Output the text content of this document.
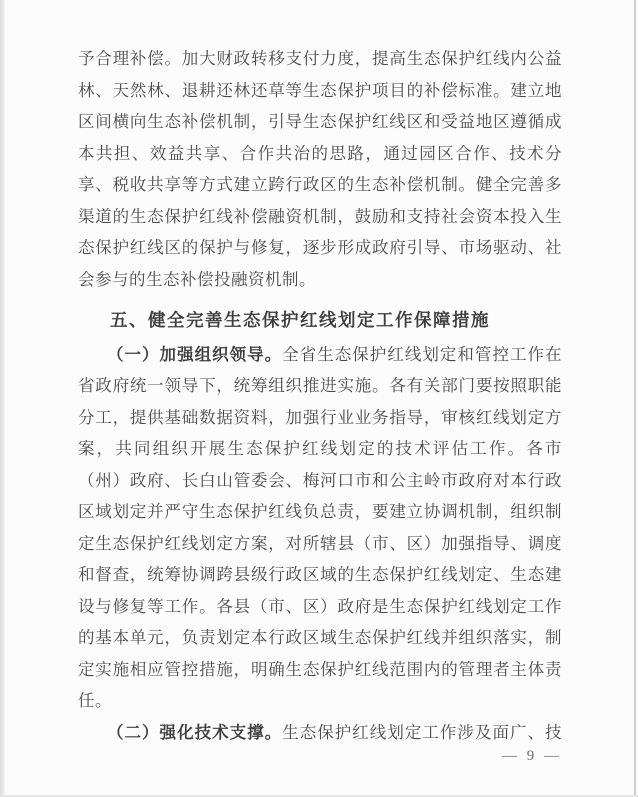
予合理补偿。加大财政转移支付力度，提高生态保护红线内公益
林、天然林、退耕还林还草等生态保护项目的补偿标准。建立地
区间横向生态补偿机制，引导生态保护红线区和受益地区遵循成
本共担、效益共享、合作共治的思路，通过园区合作、技术分
享、税收共享等方式建立跨行政区的生态补偿机制。健全完善多
渠道的生态保护红线补偿融资机制，鼓励和支持社会资本投入生
态保护红线区的保护与修复，逐步形成政府引导、市场驱动、社
会参与的生态补偿投融资机制。
五、健全完善生态保护红线划定工作保障措施
（一）加强组织领导。全省生态保护红线划定和管控工作在
省政府统一领导下，统筹组织推进实施。各有关部门要按照职能
分工，提供基础数据资料，加强行业业务指导，审核红线划定方
案，共同组织开展生态保护红线划定的技术评估工作。各市
（州）政府、长白山管委会、梅河口市和公主岭市政府对本行政
区域划定并严守生态保护红线负总责，要建立协调机制，组织制
定生态保护红线划定方案，对所辖县（市、区）加强指导、调度
和督查，统筹协调跨县级行政区域的生态保护红线划定、生态建
设与修复等工作。各县（市、区）政府是生态保护红线划定工作
的基本单元，负责划定本行政区域生态保护红线并组织落实，制
定实施相应管控措施，明确生态保护红线范围内的管理者主体责
任。
（二）强化技术支撑。生态保护红线划定工作涉及面广、技
— 9 —
